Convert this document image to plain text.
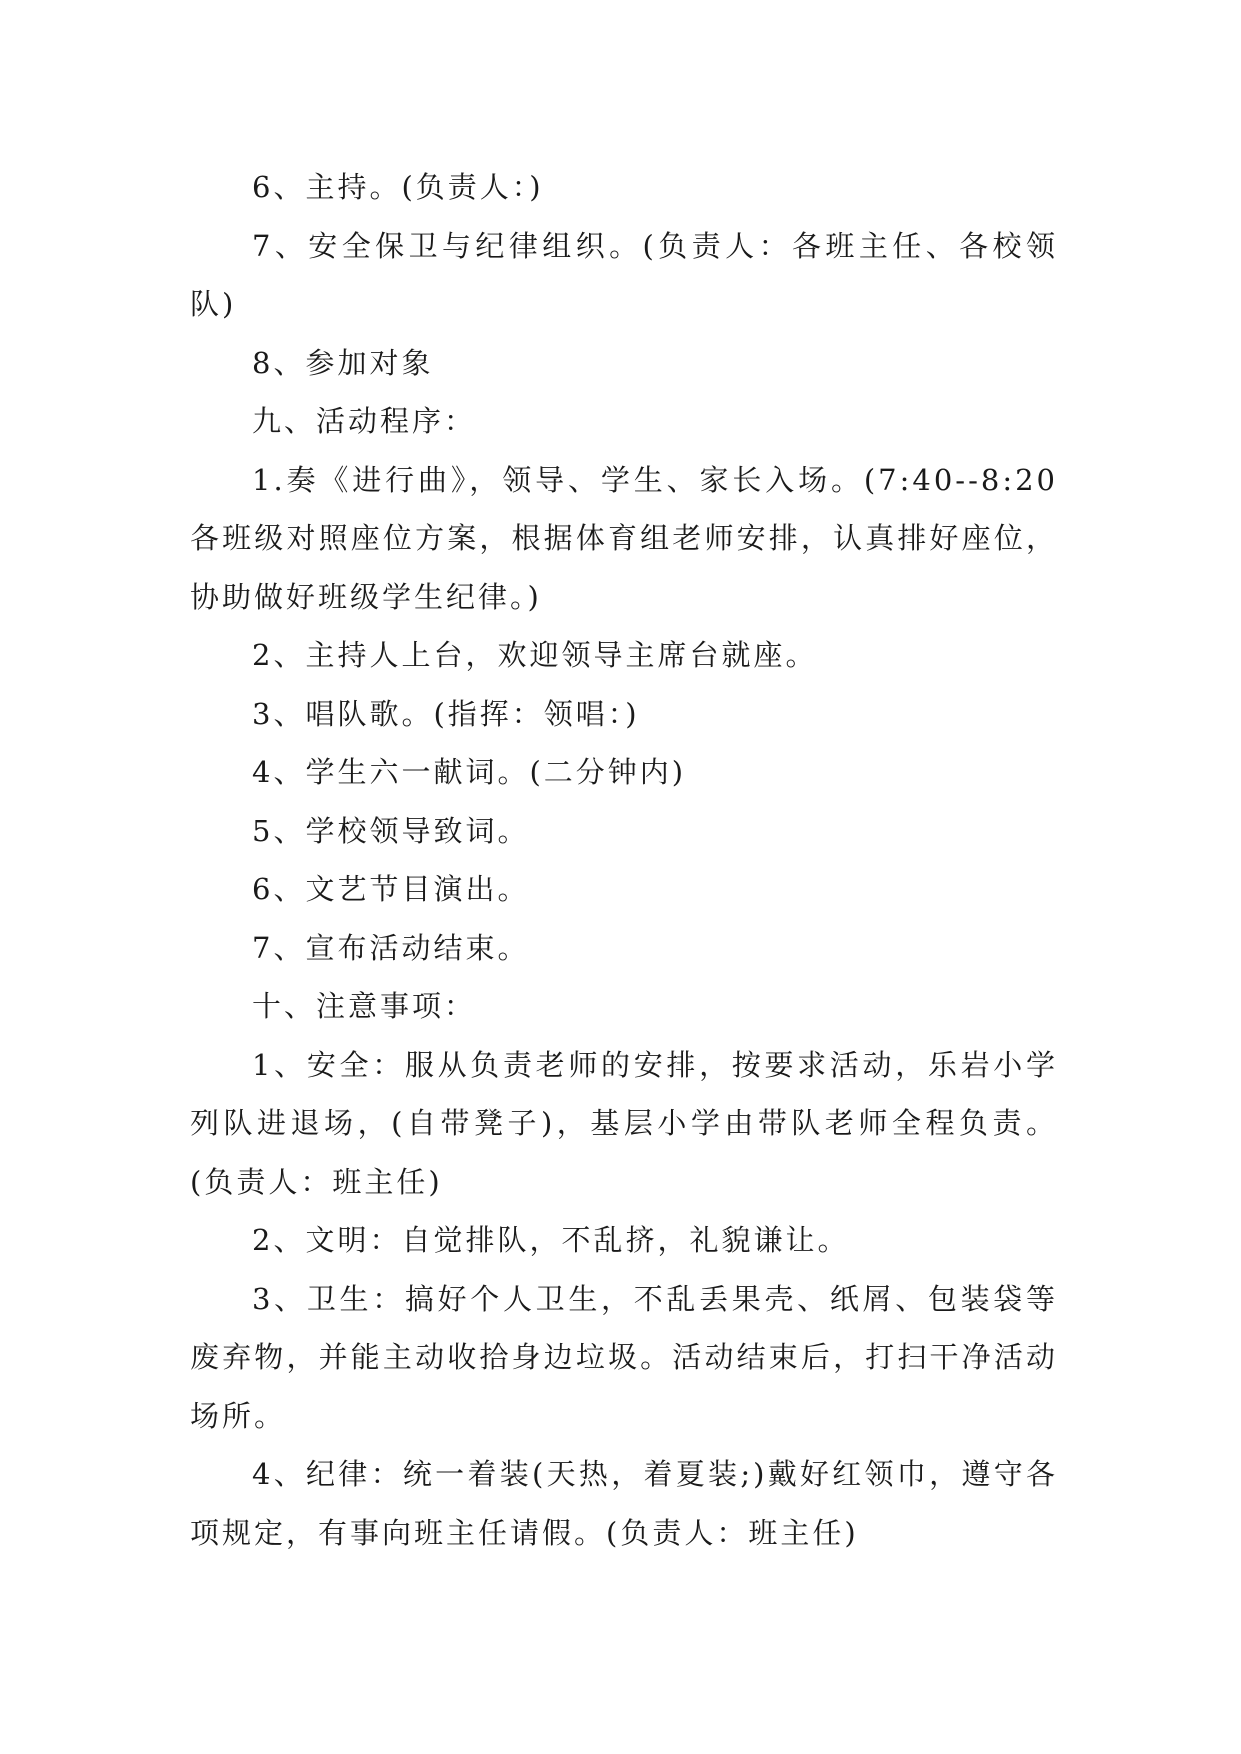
6、主持。(负责人：)

7、安全保卫与纪律组织。(负责人：各班主任、各校领队)

8、参加对象

九、活动程序：

1.奏《进行曲》，领导、学生、家长入场。(7:40--8:20各班级对照座位方案，根据体育组老师安排，认真排好座位，协助做好班级学生纪律。)

2、主持人上台，欢迎领导主席台就座。

3、唱队歌。(指挥：领唱：)

4、学生六一献词。(二分钟内)

5、学校领导致词。

6、文艺节目演出。

7、宣布活动结束。

十、注意事项：

1、安全：服从负责老师的安排，按要求活动，乐岩小学列队进退场，(自带凳子)，基层小学由带队老师全程负责。(负责人：班主任)

2、文明：自觉排队，不乱挤，礼貌谦让。

3、卫生：搞好个人卫生，不乱丢果壳、纸屑、包装袋等废弃物，并能主动收拾身边垃圾。活动结束后，打扫干净活动场所。

4、纪律：统一着装(天热，着夏装;)戴好红领巾，遵守各项规定，有事向班主任请假。(负责人：班主任)
